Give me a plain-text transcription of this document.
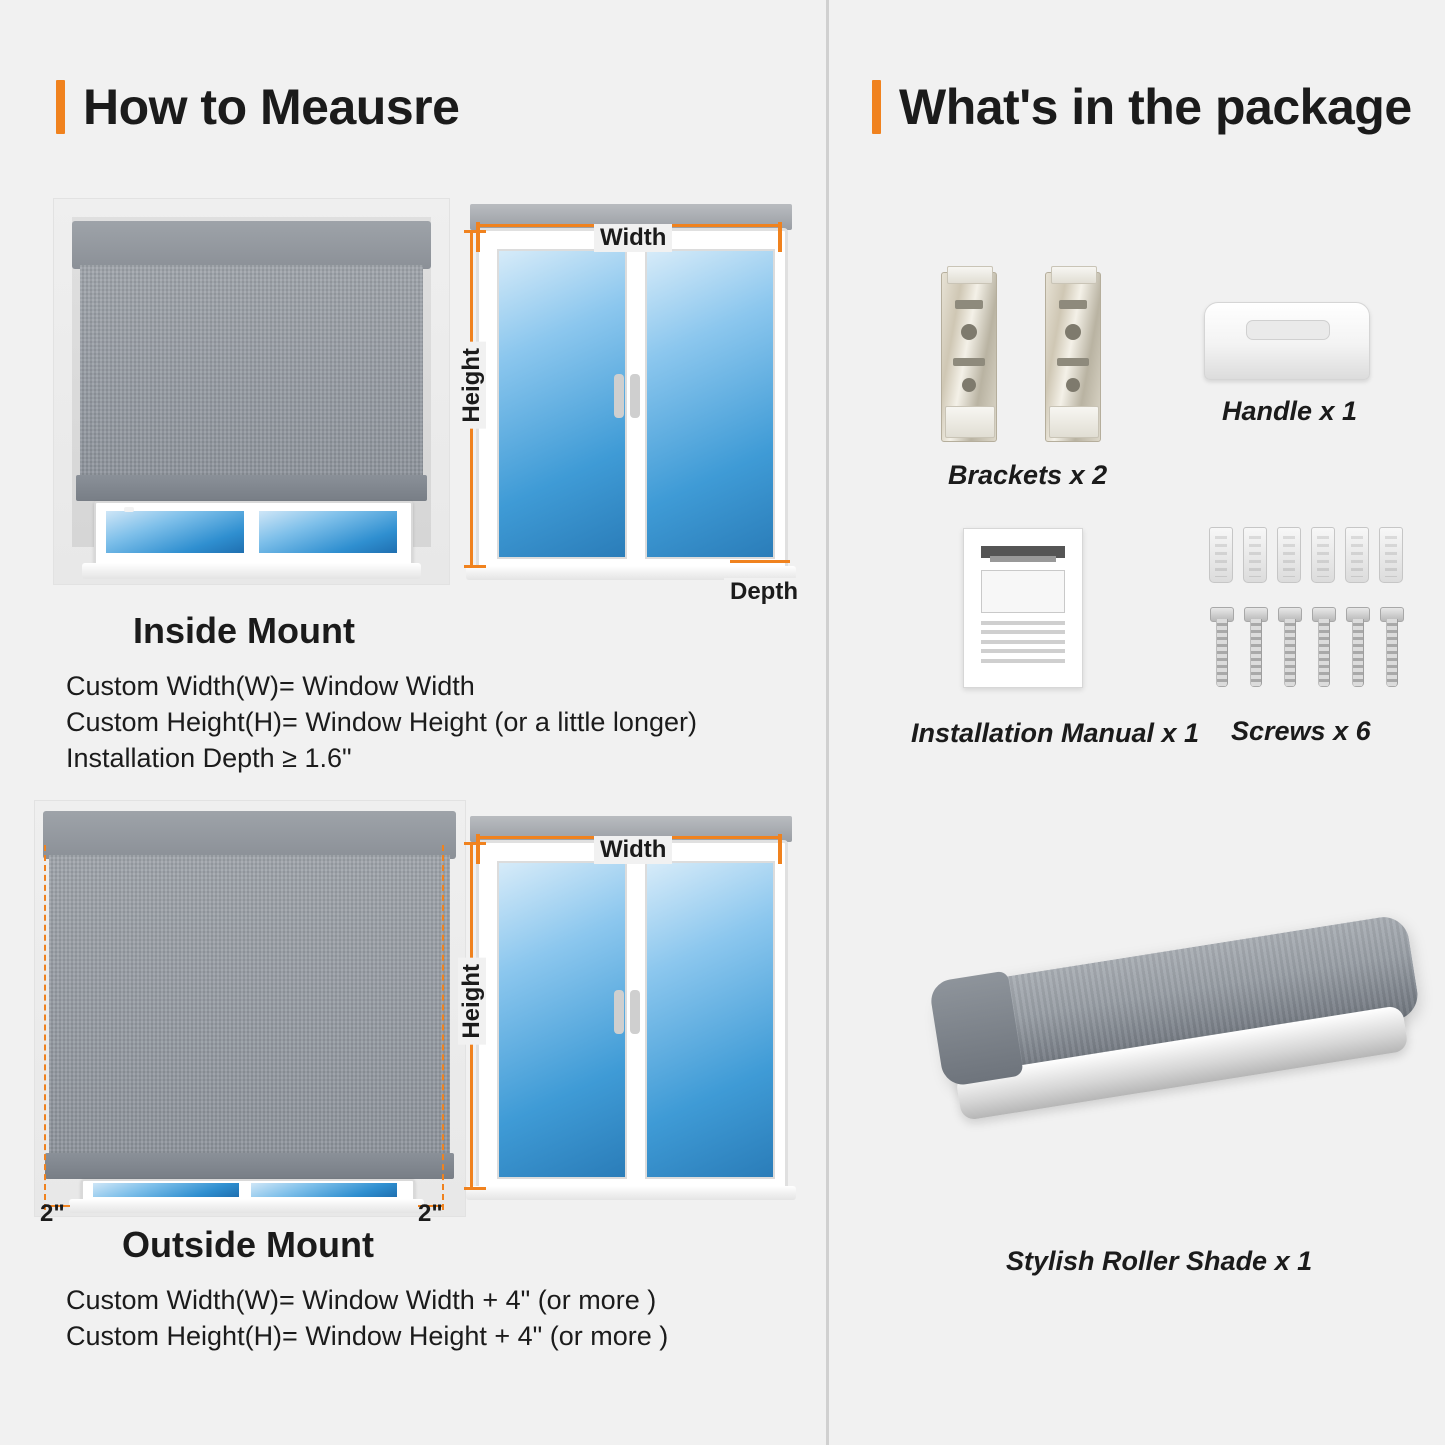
How to Meausre
Width
Height
Depth
Inside Mount
Custom Width(W)= Window Width
Custom Height(H)= Window Height (or a little longer)
Installation Depth ≥ 1.6"
2"	2"
Width
Height
Outside Mount
Custom Width(W)= Window Width + 4" (or more )
Custom Height(H)= Window Height + 4" (or more )
What's in the package
Brackets x 2
Handle x 1
Installation Manual x 1 Screws x 6
Stylish Roller Shade x 1
